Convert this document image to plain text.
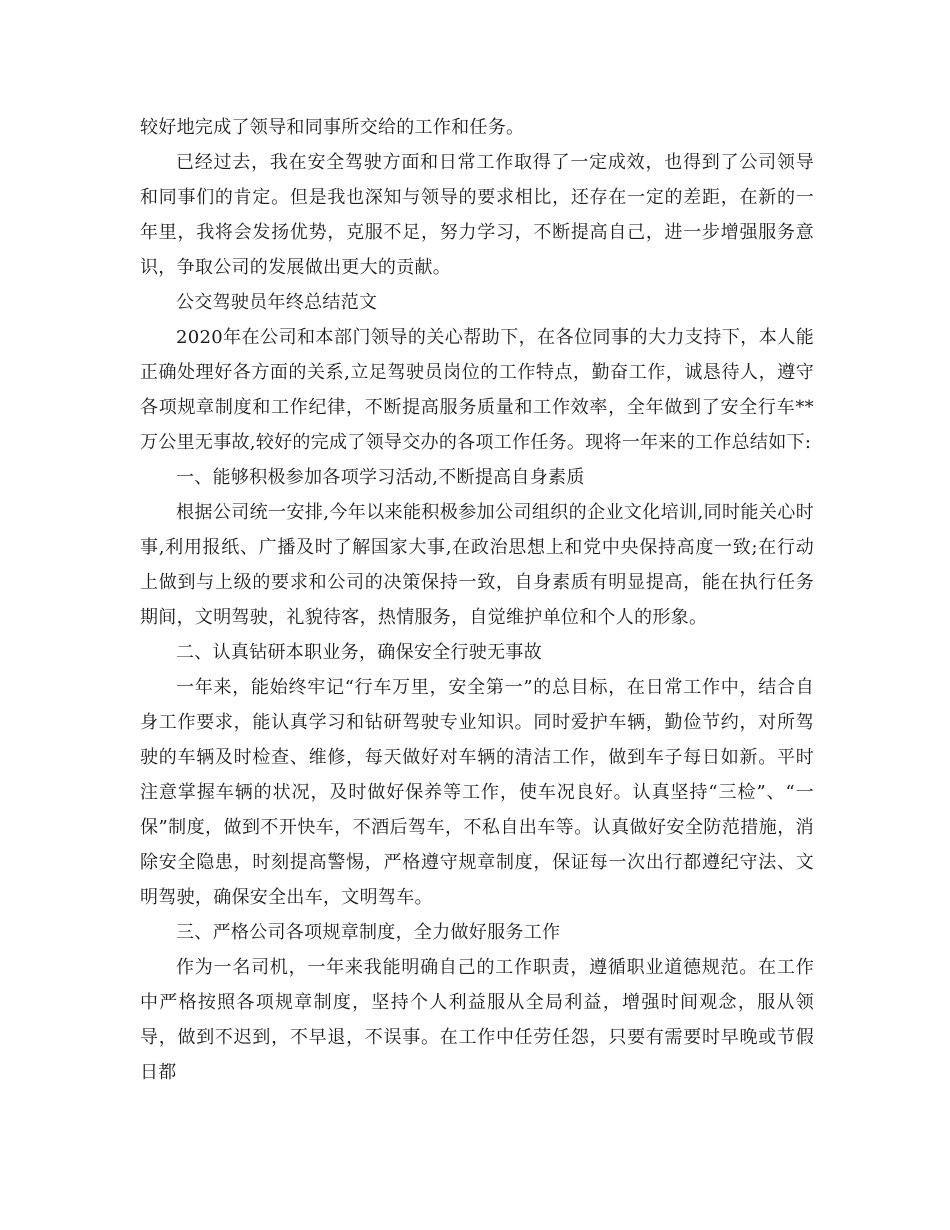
较好地完成了领导和同事所交给的工作和任务。

已经过去，我在安全驾驶方面和日常工作取得了一定成效，也得到了公司领导和同事们的肯定。但是我也深知与领导的要求相比，还存在一定的差距，在新的一年里，我将会发扬优势，克服不足，努力学习，不断提高自己，进一步增强服务意识，争取公司的发展做出更大的贡献。

公交驾驶员年终总结范文

2020年在公司和本部门领导的关心帮助下，在各位同事的大力支持下，本人能正确处理好各方面的关系,立足驾驶员岗位的工作特点，勤奋工作，诚恳待人，遵守各项规章制度和工作纪律，不断提高服务质量和工作效率，全年做到了安全行车**万公里无事故,较好的完成了领导交办的各项工作任务。现将一年来的工作总结如下:

一、能够积极参加各项学习活动,不断提高自身素质

根据公司统一安排,今年以来能积极参加公司组织的企业文化培训,同时能关心时事,利用报纸、广播及时了解国家大事,在政治思想上和党中央保持高度一致;在行动上做到与上级的要求和公司的决策保持一致，自身素质有明显提高，能在执行任务期间，文明驾驶，礼貌待客，热情服务，自觉维护单位和个人的形象。

二、认真钻研本职业务，确保安全行驶无事故

一年来，能始终牢记“行车万里，安全第一”的总目标，在日常工作中，结合自身工作要求，能认真学习和钻研驾驶专业知识。同时爱护车辆，勤俭节约，对所驾驶的车辆及时检查、维修，每天做好对车辆的清洁工作，做到车子每日如新。平时注意掌握车辆的状况，及时做好保养等工作，使车况良好。认真坚持“三检”、“一保”制度，做到不开快车，不酒后驾车，不私自出车等。认真做好安全防范措施，消除安全隐患，时刻提高警惕，严格遵守规章制度，保证每一次出行都遵纪守法、文明驾驶，确保安全出车，文明驾车。

三、严格公司各项规章制度，全力做好服务工作

作为一名司机，一年来我能明确自己的工作职责，遵循职业道德规范。在工作中严格按照各项规章制度，坚持个人利益服从全局利益，增强时间观念，服从领导，做到不迟到，不早退，不误事。在工作中任劳任怨，只要有需要时早晚或节假日都
